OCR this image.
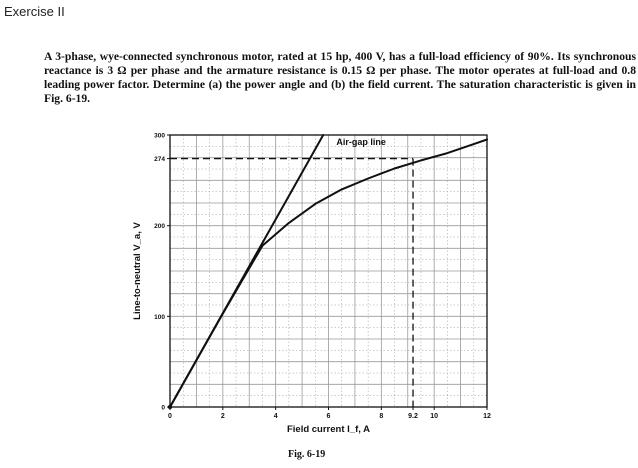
Exercise II

A 3-phase, wye-connected synchronous motor, rated at 15 hp, 400 V, has a full-load efficiency of 90%. Its synchronous reactance is 3 Ω per phase and the armature resistance is 0.15 Ω per phase. The motor operates at full-load and 0.8 leading power factor. Determine (a) the power angle and (b) the field current. The saturation characteristic is given in Fig. 6-19.

0	2	4	6	8	9.2 10	12
0
100
200
274
300
Field current I_f, A
Line-to-neutral V_a, V
Air-gap line
Fig. 6-19
